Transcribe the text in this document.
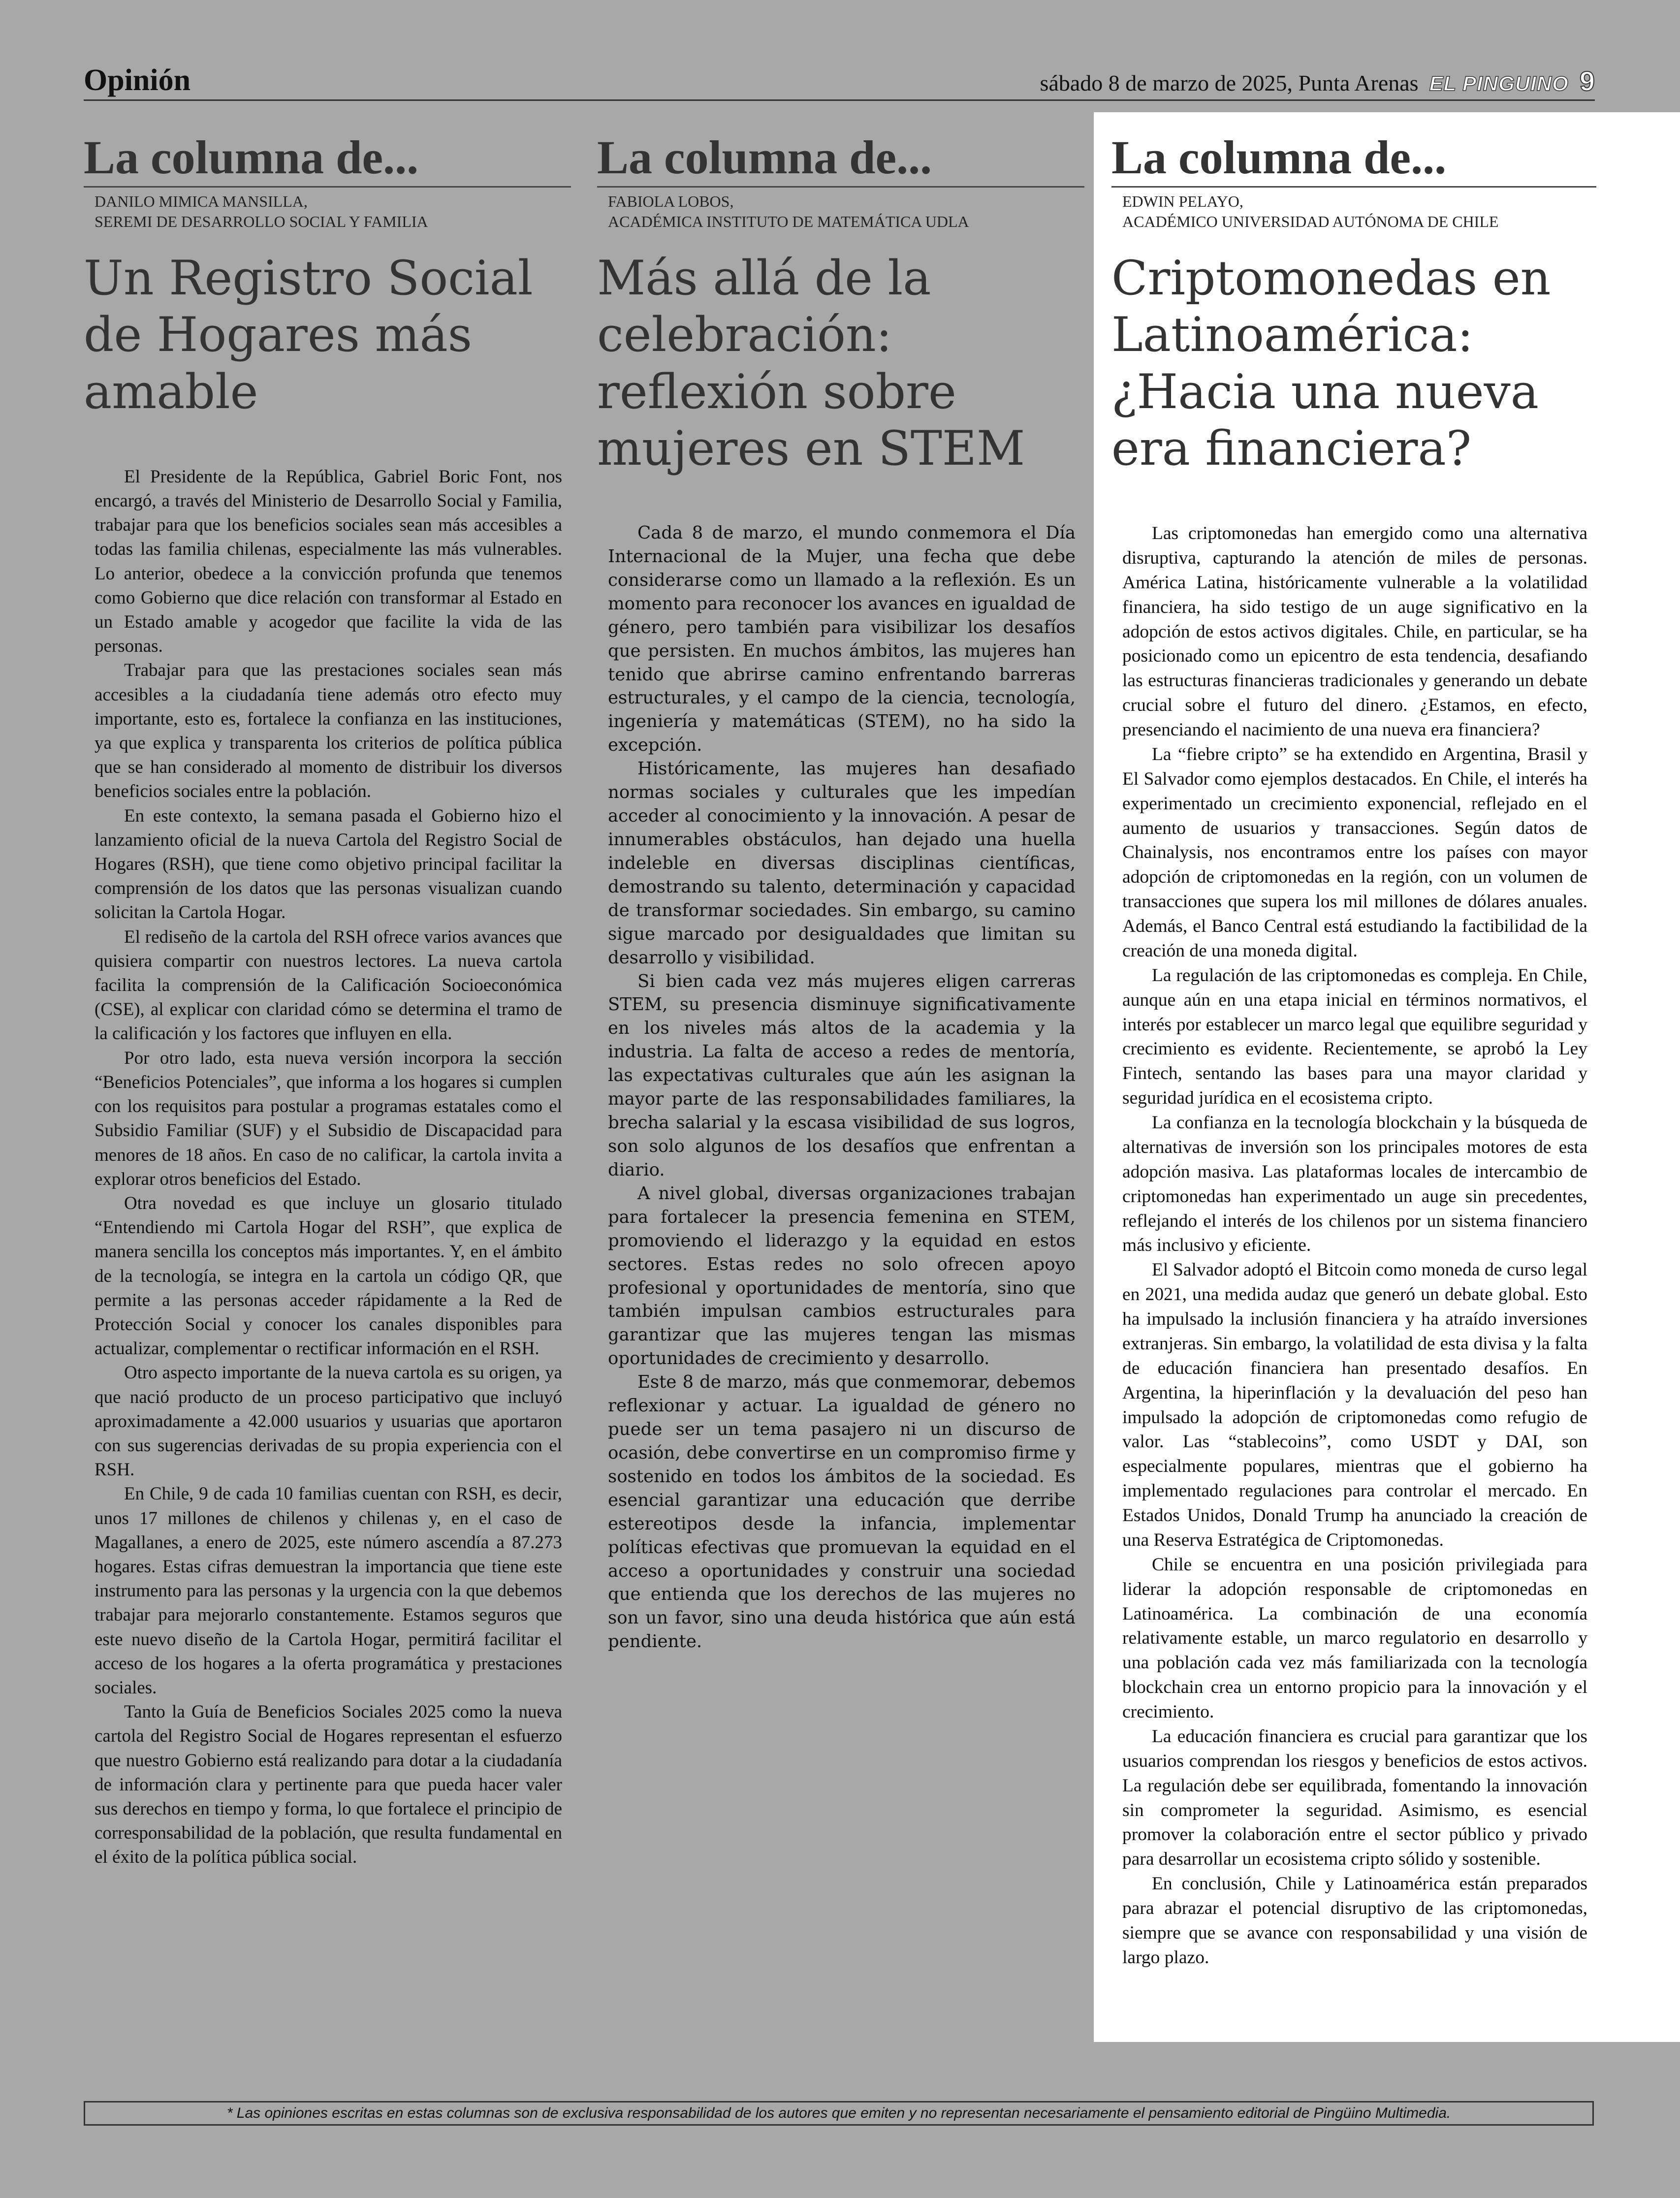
Opinión	sábado 8 de marzo de 2025, Punta Arenas EL PINGUINO 9
La columna de...
DANILO MIMICA MANSILLA,
SEREMI DE DESARROLLO SOCIAL Y FAMILIA
Un Registro Social de Hogares más amable

El Presidente de la República, Gabriel Boric Font, nos encargó, a través del Ministerio de Desarrollo Social y Familia, trabajar para que los beneficios sociales sean más accesibles a todas las familia chilenas, especialmente las más vulnerables. Lo anterior, obedece a la convicción profunda que tenemos como Gobierno que dice relación con transformar al Estado en un Estado amable y acogedor que facilite la vida de las personas.

Trabajar para que las prestaciones sociales sean más accesibles a la ciudadanía tiene además otro efecto muy importante, esto es, fortalece la confianza en las instituciones, ya que explica y transparenta los criterios de política pública que se han considerado al momento de distribuir los diversos beneficios sociales entre la población.

En este contexto, la semana pasada el Gobierno hizo el lanzamiento oficial de la nueva Cartola del Registro Social de Hogares (RSH), que tiene como objetivo principal facilitar la comprensión de los datos que las personas visualizan cuando solicitan la Cartola Hogar.

El rediseño de la cartola del RSH ofrece varios avances que quisiera compartir con nuestros lectores. La nueva cartola facilita la comprensión de la Calificación Socioeconómica (CSE), al explicar con claridad cómo se determina el tramo de la calificación y los factores que influyen en ella.

Por otro lado, esta nueva versión incorpora la sección “Beneficios Potenciales”, que informa a los hogares si cumplen con los requisitos para postular a programas estatales como el Subsidio Familiar (SUF) y el Subsidio de Discapacidad para menores de 18 años. En caso de no calificar, la cartola invita a explorar otros beneficios del Estado.

Otra novedad es que incluye un glosario titulado “Entendiendo mi Cartola Hogar del RSH”, que explica de manera sencilla los conceptos más importantes. Y, en el ámbito de la tecnología, se integra en la cartola un código QR, que permite a las personas acceder rápidamente a la Red de Protección Social y conocer los canales disponibles para actualizar, complementar o rectificar información en el RSH.

Otro aspecto importante de la nueva cartola es su origen, ya que nació producto de un proceso participativo que incluyó aproximadamente a 42.000 usuarios y usuarias que aportaron con sus sugerencias derivadas de su propia experiencia con el RSH.

En Chile, 9 de cada 10 familias cuentan con RSH, es decir, unos 17 millones de chilenos y chilenas y, en el caso de Magallanes, a enero de 2025, este número ascendía a 87.273 hogares. Estas cifras demuestran la importancia que tiene este instrumento para las personas y la urgencia con la que debemos trabajar para mejorarlo constantemente. Estamos seguros que este nuevo diseño de la Cartola Hogar, permitirá facilitar el acceso de los hogares a la oferta programática y prestaciones sociales.

Tanto la Guía de Beneficios Sociales 2025 como la nueva cartola del Registro Social de Hogares representan el esfuerzo que nuestro Gobierno está realizando para dotar a la ciudadanía de información clara y pertinente para que pueda hacer valer sus derechos en tiempo y forma, lo que fortalece el principio de corresponsabilidad de la población, que resulta fundamental en el éxito de la política pública social.

La columna de...
FABIOLA LOBOS,
ACADÉMICA INSTITUTO DE MATEMÁTICA UDLA
Más allá de la celebración: reflexión sobre mujeres en STEM

Cada 8 de marzo, el mundo conmemora el Día Internacional de la Mujer, una fecha que debe considerarse como un llamado a la reflexión. Es un momento para reconocer los avances en igualdad de género, pero también para visibilizar los desafíos que persisten. En muchos ámbitos, las mujeres han tenido que abrirse camino enfrentando barreras estructurales, y el campo de la ciencia, tecnología, ingeniería y matemáticas (STEM), no ha sido la excepción.

Históricamente, las mujeres han desafiado normas sociales y culturales que les impedían acceder al conocimiento y la innovación. A pesar de innumerables obstáculos, han dejado una huella indeleble en diversas disciplinas científicas, demostrando su talento, determinación y capacidad de transformar sociedades. Sin embargo, su camino sigue marcado por desigualdades que limitan su desarrollo y visibilidad.

Si bien cada vez más mujeres eligen carreras STEM, su presencia disminuye significativamente en los niveles más altos de la academia y la industria. La falta de acceso a redes de mentoría, las expectativas culturales que aún les asignan la mayor parte de las responsabilidades familiares, la brecha salarial y la escasa visibilidad de sus logros, son solo algunos de los desafíos que enfrentan a diario.

A nivel global, diversas organizaciones trabajan para fortalecer la presencia femenina en STEM, promoviendo el liderazgo y la equidad en estos sectores. Estas redes no solo ofrecen apoyo profesional y oportunidades de mentoría, sino que también impulsan cambios estructurales para garantizar que las mujeres tengan las mismas oportunidades de crecimiento y desarrollo.

Este 8 de marzo, más que conmemorar, debemos reflexionar y actuar. La igualdad de género no puede ser un tema pasajero ni un discurso de ocasión, debe convertirse en un compromiso firme y sostenido en todos los ámbitos de la sociedad. Es esencial garantizar una educación que derribe estereotipos desde la infancia, implementar políticas efectivas que promuevan la equidad en el acceso a oportunidades y construir una sociedad que entienda que los derechos de las mujeres no son un favor, sino una deuda histórica que aún está pendiente.

La columna de...
EDWIN PELAYO,
ACADÉMICO UNIVERSIDAD AUTÓNOMA DE CHILE
Criptomonedas en Latinoamérica: ¿Hacia una nueva era financiera?

Las criptomonedas han emergido como una alternativa disruptiva, capturando la atención de miles de personas. América Latina, históricamente vulnerable a la volatilidad financiera, ha sido testigo de un auge significativo en la adopción de estos activos digitales. Chile, en particular, se ha posicionado como un epicentro de esta tendencia, desafiando las estructuras financieras tradicionales y generando un debate crucial sobre el futuro del dinero. ¿Estamos, en efecto, presenciando el nacimiento de una nueva era financiera?

La “fiebre cripto” se ha extendido en Argentina, Brasil y El Salvador como ejemplos destacados. En Chile, el interés ha experimentado un crecimiento exponencial, reflejado en el aumento de usuarios y transacciones. Según datos de Chainalysis, nos encontramos entre los países con mayor adopción de criptomonedas en la región, con un volumen de transacciones que supera los mil millones de dólares anuales. Además, el Banco Central está estudiando la factibilidad de la creación de una moneda digital.

La regulación de las criptomonedas es compleja. En Chile, aunque aún en una etapa inicial en términos normativos, el interés por establecer un marco legal que equilibre seguridad y crecimiento es evidente. Recientemente, se aprobó la Ley Fintech, sentando las bases para una mayor claridad y seguridad jurídica en el ecosistema cripto.

La confianza en la tecnología blockchain y la búsqueda de alternativas de inversión son los principales motores de esta adopción masiva. Las plataformas locales de intercambio de criptomonedas han experimentado un auge sin precedentes, reflejando el interés de los chilenos por un sistema financiero más inclusivo y eficiente.

El Salvador adoptó el Bitcoin como moneda de curso legal en 2021, una medida audaz que generó un debate global. Esto ha impulsado la inclusión financiera y ha atraído inversiones extranjeras. Sin embargo, la volatilidad de esta divisa y la falta de educación financiera han presentado desafíos. En Argentina, la hiperinflación y la devaluación del peso han impulsado la adopción de criptomonedas como refugio de valor. Las “stablecoins”, como USDT y DAI, son especialmente populares, mientras que el gobierno ha implementado regulaciones para controlar el mercado. En Estados Unidos, Donald Trump ha anunciado la creación de una Reserva Estratégica de Criptomonedas.

Chile se encuentra en una posición privilegiada para liderar la adopción responsable de criptomonedas en Latinoamérica. La combinación de una economía relativamente estable, un marco regulatorio en desarrollo y una población cada vez más familiarizada con la tecnología blockchain crea un entorno propicio para la innovación y el crecimiento.

La educación financiera es crucial para garantizar que los usuarios comprendan los riesgos y beneficios de estos activos. La regulación debe ser equilibrada, fomentando la innovación sin comprometer la seguridad. Asimismo, es esencial promover la colaboración entre el sector público y privado para desarrollar un ecosistema cripto sólido y sostenible.

En conclusión, Chile y Latinoamérica están preparados para abrazar el potencial disruptivo de las criptomonedas, siempre que se avance con responsabilidad y una visión de largo plazo.

* Las opiniones escritas en estas columnas son de exclusiva responsabilidad de los autores que emiten y no representan necesariamente el pensamiento editorial de Pingüino Multimedia.
